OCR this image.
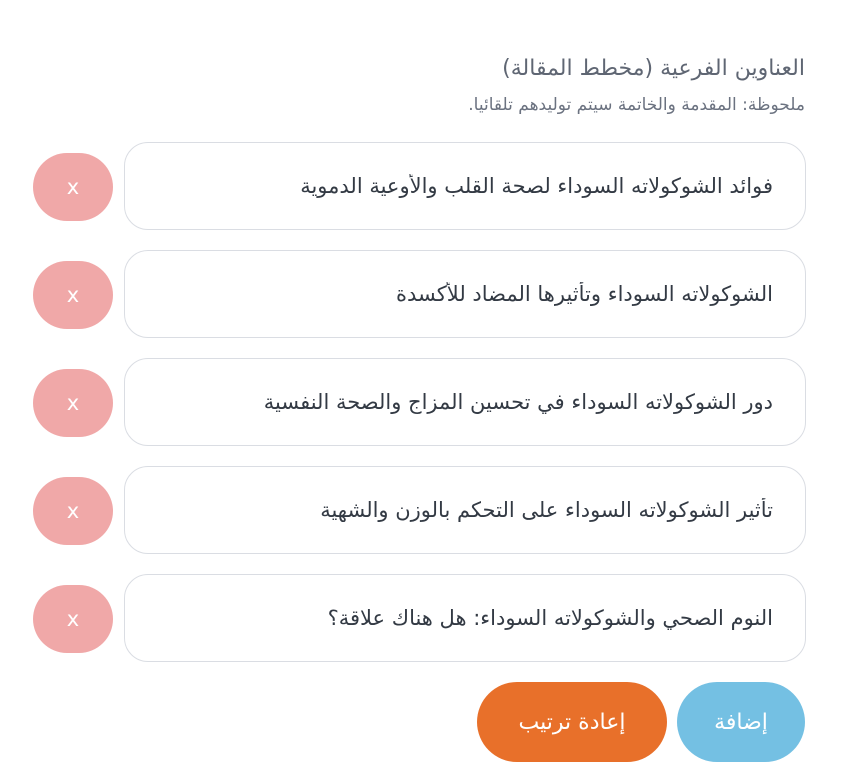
العناوين الفرعية (مخطط المقالة)

ملحوظة: المقدمة والخاتمة سيتم توليدهم تلقائيا.

فوائد الشوكولاته السوداء لصحة القلب والأوعية الدموية
x
الشوكولاته السوداء وتأثيرها المضاد للأكسدة
x
دور الشوكولاته السوداء في تحسين المزاج والصحة النفسية
x
تأثير الشوكولاته السوداء على التحكم بالوزن والشهية
x
النوم الصحي والشوكولاته السوداء: هل هناك علاقة؟
x
إضافة
إعادة ترتيب
